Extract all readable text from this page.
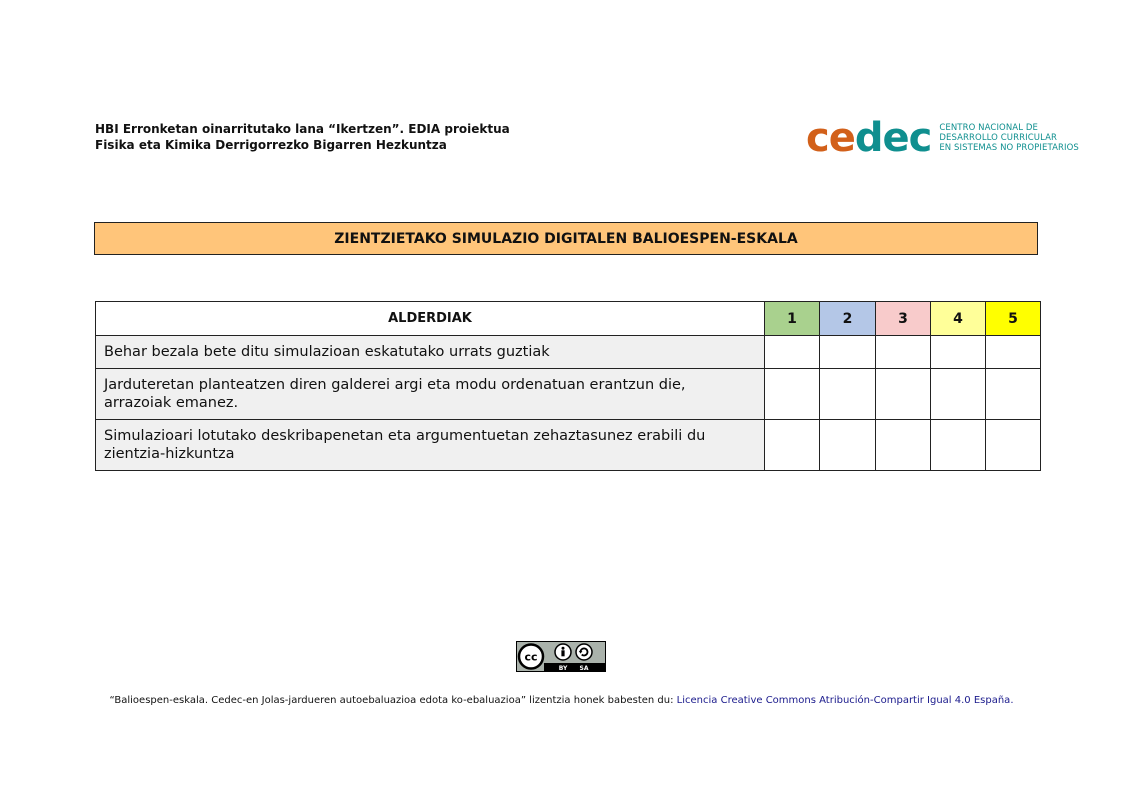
HBI Erronketan oinarritutako lana “Ikertzen”. EDIA proiektua
Fisika eta Kimika Derrigorrezko Bigarren Hezkuntza	cedec CENTRO NACIONAL DE
DESARROLLO CURRICULAR
EN SISTEMAS NO PROPIETARIOS
ZIENTZIETAKO SIMULAZIO DIGITALEN BALIOESPEN-ESKALA
ALDERDIAK	1	2	3	4	5
Behar bezala bete ditu simulazioan eskatutako urrats guztiak					
Jarduteretan planteatzen diren galderei argi eta modu ordenatuan erantzun die, arrazoiak emanez.					
Simulazioari lotutako deskribapenetan eta argumentuetan zehaztasunez erabili du zientzia-hizkuntza					
cc
BY SA
“Balioespen-eskala. Cedec-en Jolas-jardueren autoebaluazioa edota ko-ebaluazioa” lizentzia honek babesten du: Licencia Creative Commons Atribución-Compartir Igual 4.0 España.
